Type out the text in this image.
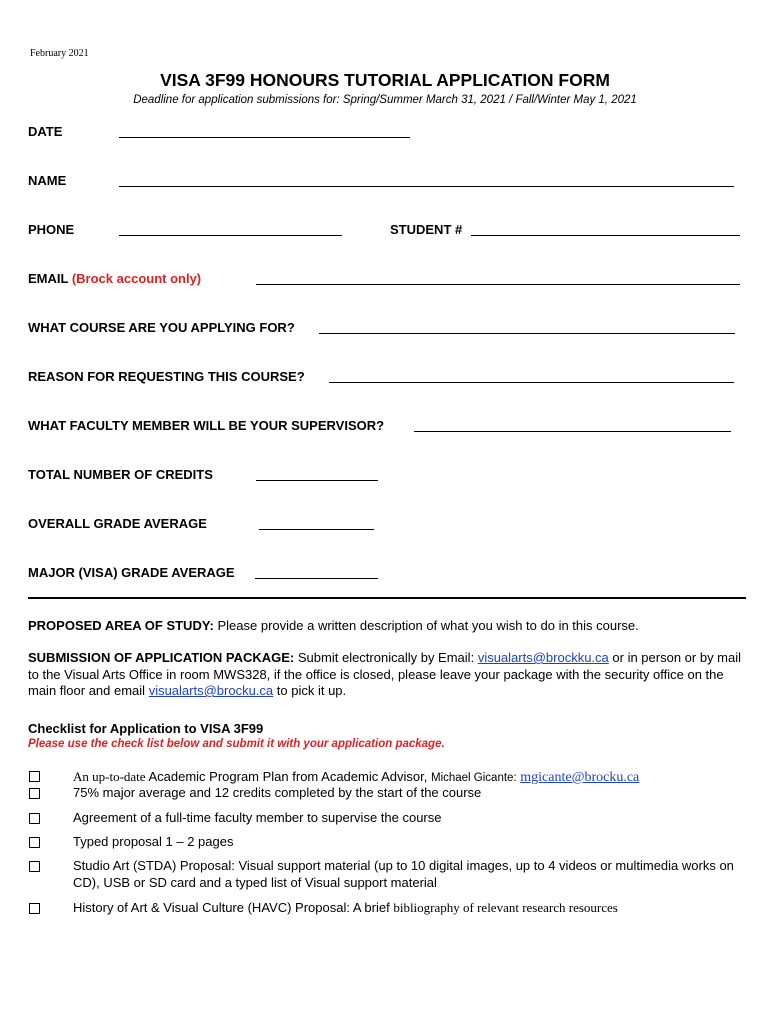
February 2021
VISA 3F99 HONOURS TUTORIAL APPLICATION FORM
Deadline for application submissions for: Spring/Summer March 31, 2021 / Fall/Winter May 1, 2021
DATE
NAME
PHONE	STUDENT #
EMAIL (Brock account only)
WHAT COURSE ARE YOU APPLYING FOR?
REASON FOR REQUESTING THIS COURSE?
WHAT FACULTY MEMBER WILL BE YOUR SUPERVISOR?
TOTAL NUMBER OF CREDITS
OVERALL GRADE AVERAGE
MAJOR (VISA) GRADE AVERAGE
PROPOSED AREA OF STUDY: Please provide a written description of what you wish to do in this course.
SUBMISSION OF APPLICATION PACKAGE: Submit electronically by Email: visualarts@brockku.ca or in person or by mail to the Visual Arts Office in room MWS328, if the office is closed, please leave your package with the security office on the main floor and email visualarts@brocku.ca to pick it up.
Checklist for Application to VISA 3F99
Please use the check list below and submit it with your application package.
An up-to-date Academic Program Plan from Academic Advisor, Michael Gicante: mgicante@brocku.ca
75% major average and 12 credits completed by the start of the course
Agreement of a full-time faculty member to supervise the course
Typed proposal 1 – 2 pages
Studio Art (STDA) Proposal: Visual support material (up to 10 digital images, up to 4 videos or multimedia works on CD), USB or SD card and a typed list of Visual support material
History of Art & Visual Culture (HAVC) Proposal: A brief bibliography of relevant research resources
